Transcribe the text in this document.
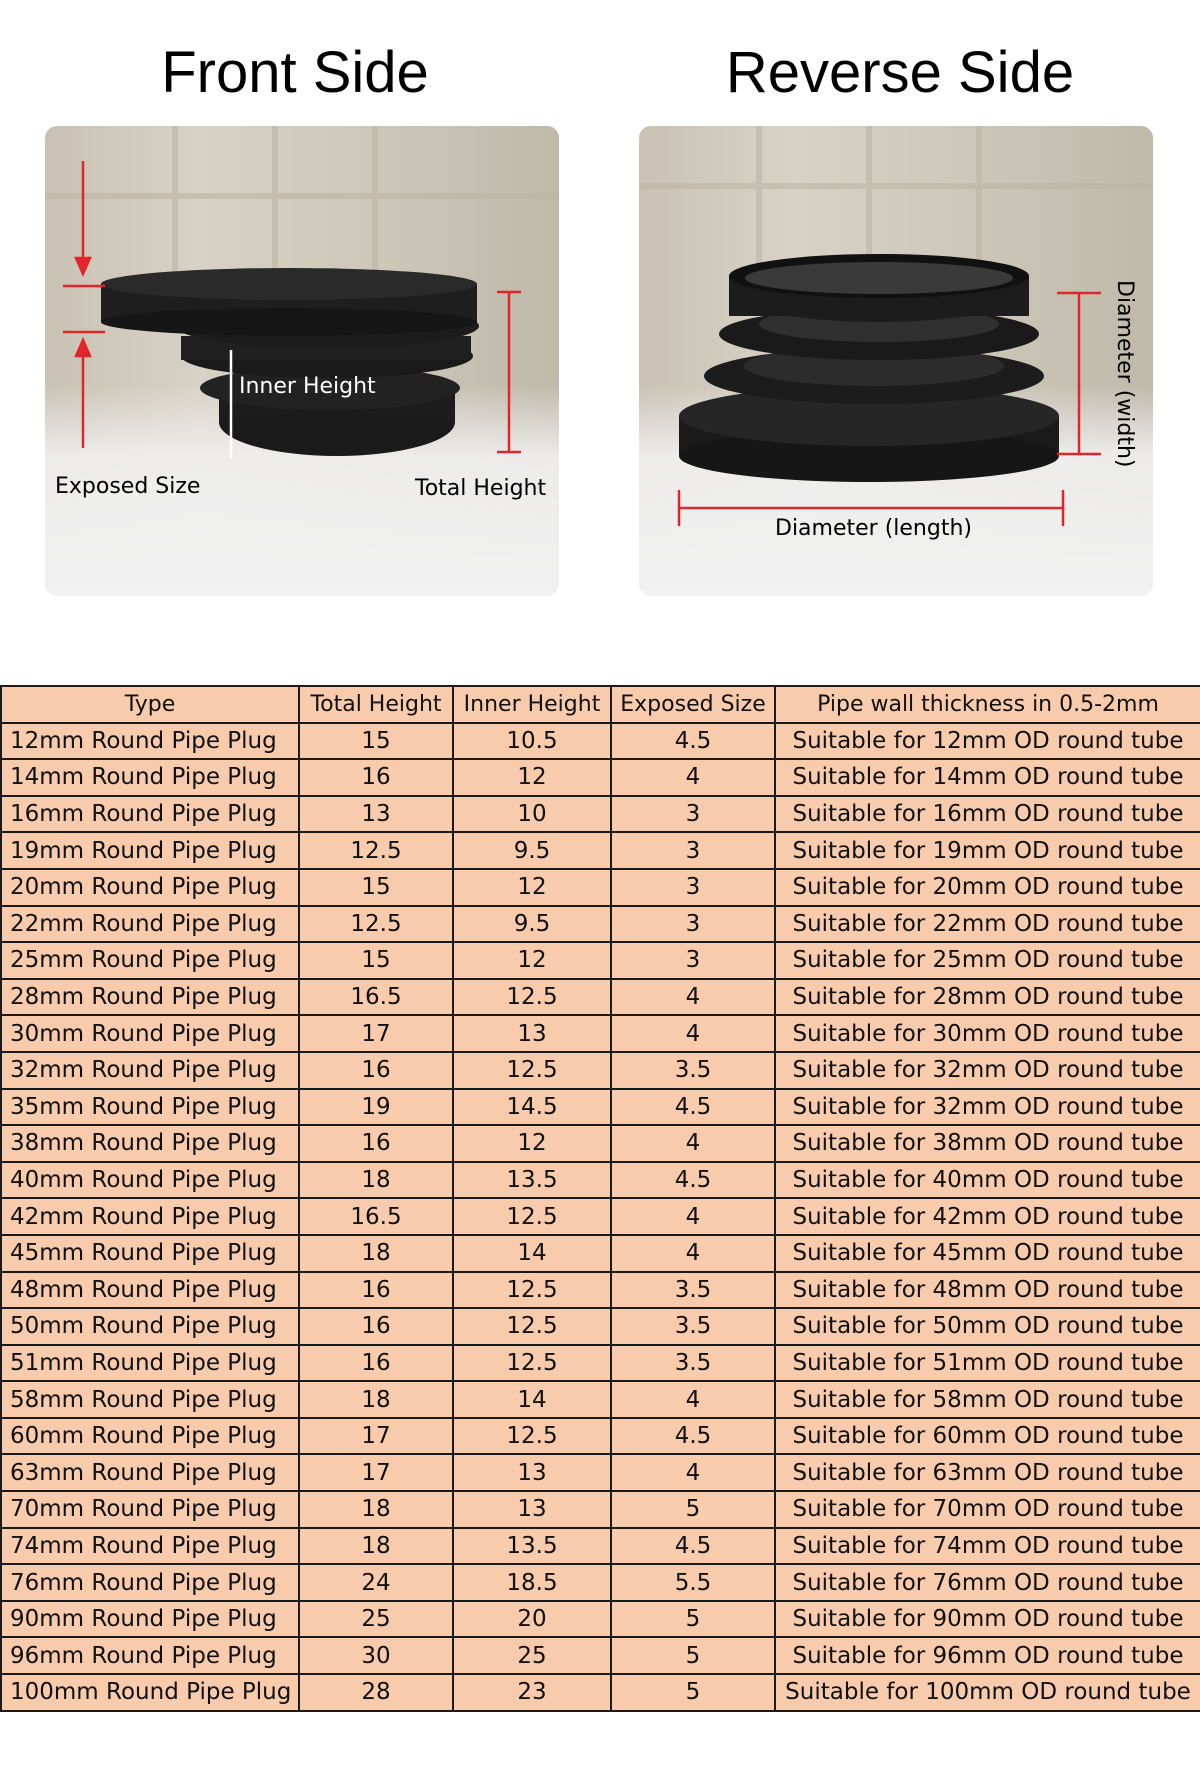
Front Side	Reverse Side
Inner Height
Exposed Size	Total Height
Diameter (width)
Diameter (length)
Type	Total Height	Inner Height	Exposed Size	Pipe wall thickness in 0.5-2mm
12mm Round Pipe Plug	15	10.5	4.5	Suitable for 12mm OD round tube
14mm Round Pipe Plug	16	12	4	Suitable for 14mm OD round tube
16mm Round Pipe Plug	13	10	3	Suitable for 16mm OD round tube
19mm Round Pipe Plug	12.5	9.5	3	Suitable for 19mm OD round tube
20mm Round Pipe Plug	15	12	3	Suitable for 20mm OD round tube
22mm Round Pipe Plug	12.5	9.5	3	Suitable for 22mm OD round tube
25mm Round Pipe Plug	15	12	3	Suitable for 25mm OD round tube
28mm Round Pipe Plug	16.5	12.5	4	Suitable for 28mm OD round tube
30mm Round Pipe Plug	17	13	4	Suitable for 30mm OD round tube
32mm Round Pipe Plug	16	12.5	3.5	Suitable for 32mm OD round tube
35mm Round Pipe Plug	19	14.5	4.5	Suitable for 32mm OD round tube
38mm Round Pipe Plug	16	12	4	Suitable for 38mm OD round tube
40mm Round Pipe Plug	18	13.5	4.5	Suitable for 40mm OD round tube
42mm Round Pipe Plug	16.5	12.5	4	Suitable for 42mm OD round tube
45mm Round Pipe Plug	18	14	4	Suitable for 45mm OD round tube
48mm Round Pipe Plug	16	12.5	3.5	Suitable for 48mm OD round tube
50mm Round Pipe Plug	16	12.5	3.5	Suitable for 50mm OD round tube
51mm Round Pipe Plug	16	12.5	3.5	Suitable for 51mm OD round tube
58mm Round Pipe Plug	18	14	4	Suitable for 58mm OD round tube
60mm Round Pipe Plug	17	12.5	4.5	Suitable for 60mm OD round tube
63mm Round Pipe Plug	17	13	4	Suitable for 63mm OD round tube
70mm Round Pipe Plug	18	13	5	Suitable for 70mm OD round tube
74mm Round Pipe Plug	18	13.5	4.5	Suitable for 74mm OD round tube
76mm Round Pipe Plug	24	18.5	5.5	Suitable for 76mm OD round tube
90mm Round Pipe Plug	25	20	5	Suitable for 90mm OD round tube
96mm Round Pipe Plug	30	25	5	Suitable for 96mm OD round tube
100mm Round Pipe Plug	28	23	5	Suitable for 100mm OD round tube
